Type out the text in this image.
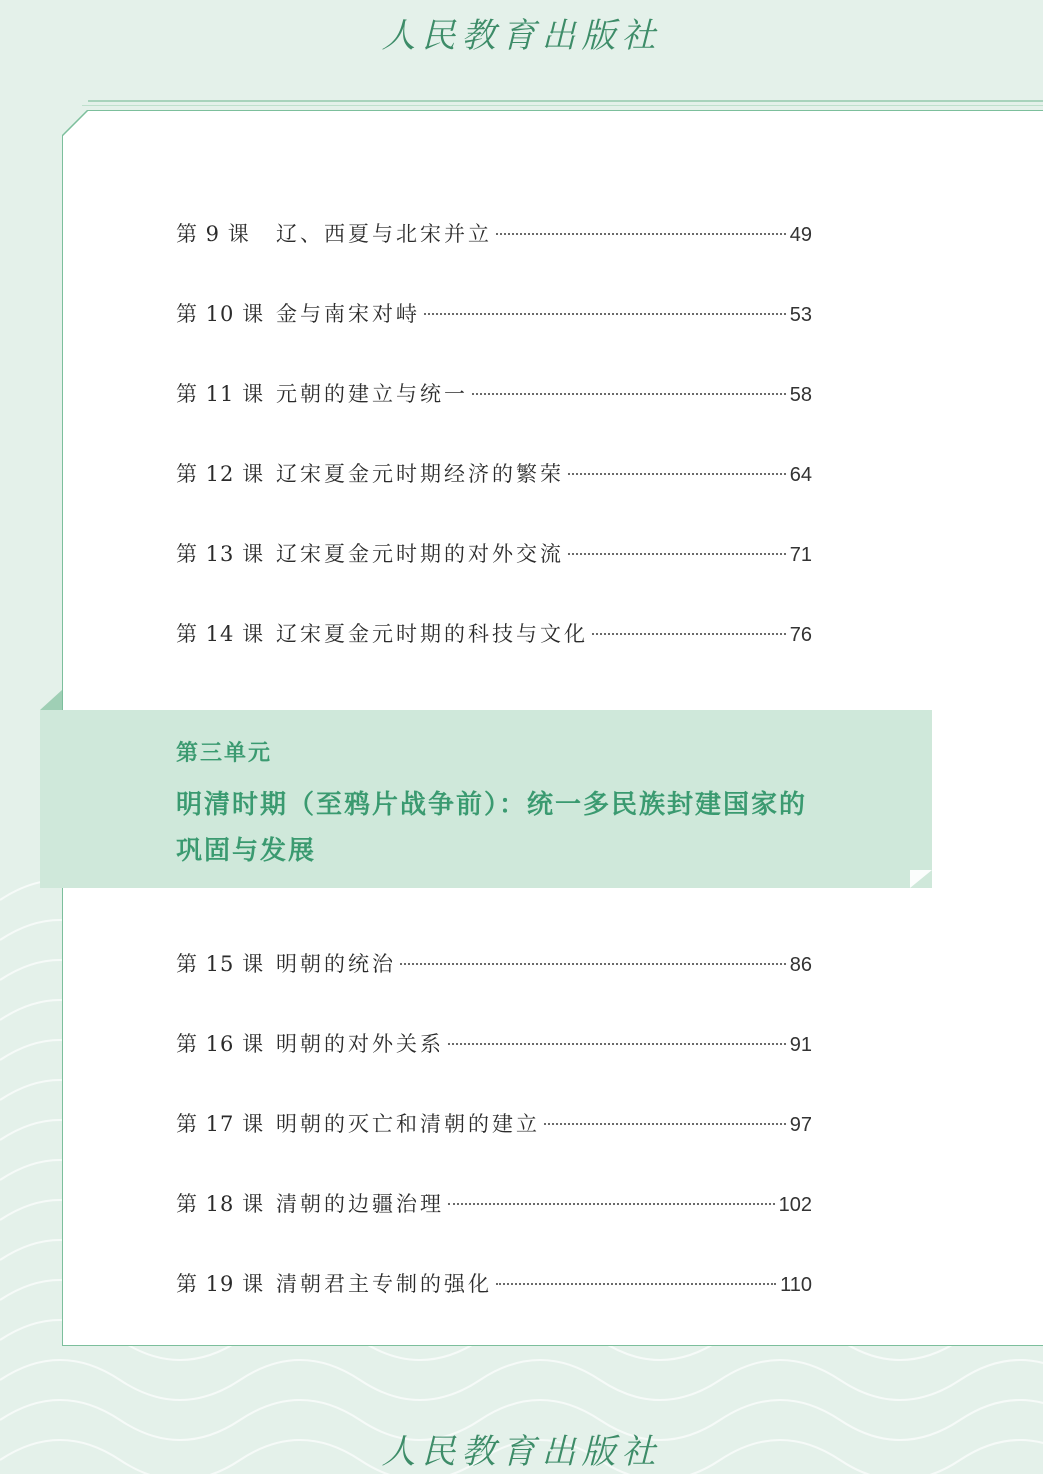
人民教育出版社
第 9 课	辽、西夏与北宋并立	49
第 10 课 金与南宋对峙	53
第 11 课 元朝的建立与统一	58
第 12 课 辽宋夏金元时期经济的繁荣	64
第 13 课 辽宋夏金元时期的对外交流	71
第 14 课 辽宋夏金元时期的科技与文化	76
第三单元
明清时期（至鸦片战争前）：统一多民族封建国家的
巩固与发展
第 15 课 明朝的统治	86
第 16 课 明朝的对外关系	91
第 17 课 明朝的灭亡和清朝的建立	97
第 18 课 清朝的边疆治理	102
第 19 课 清朝君主专制的强化	110
人民教育出版社
